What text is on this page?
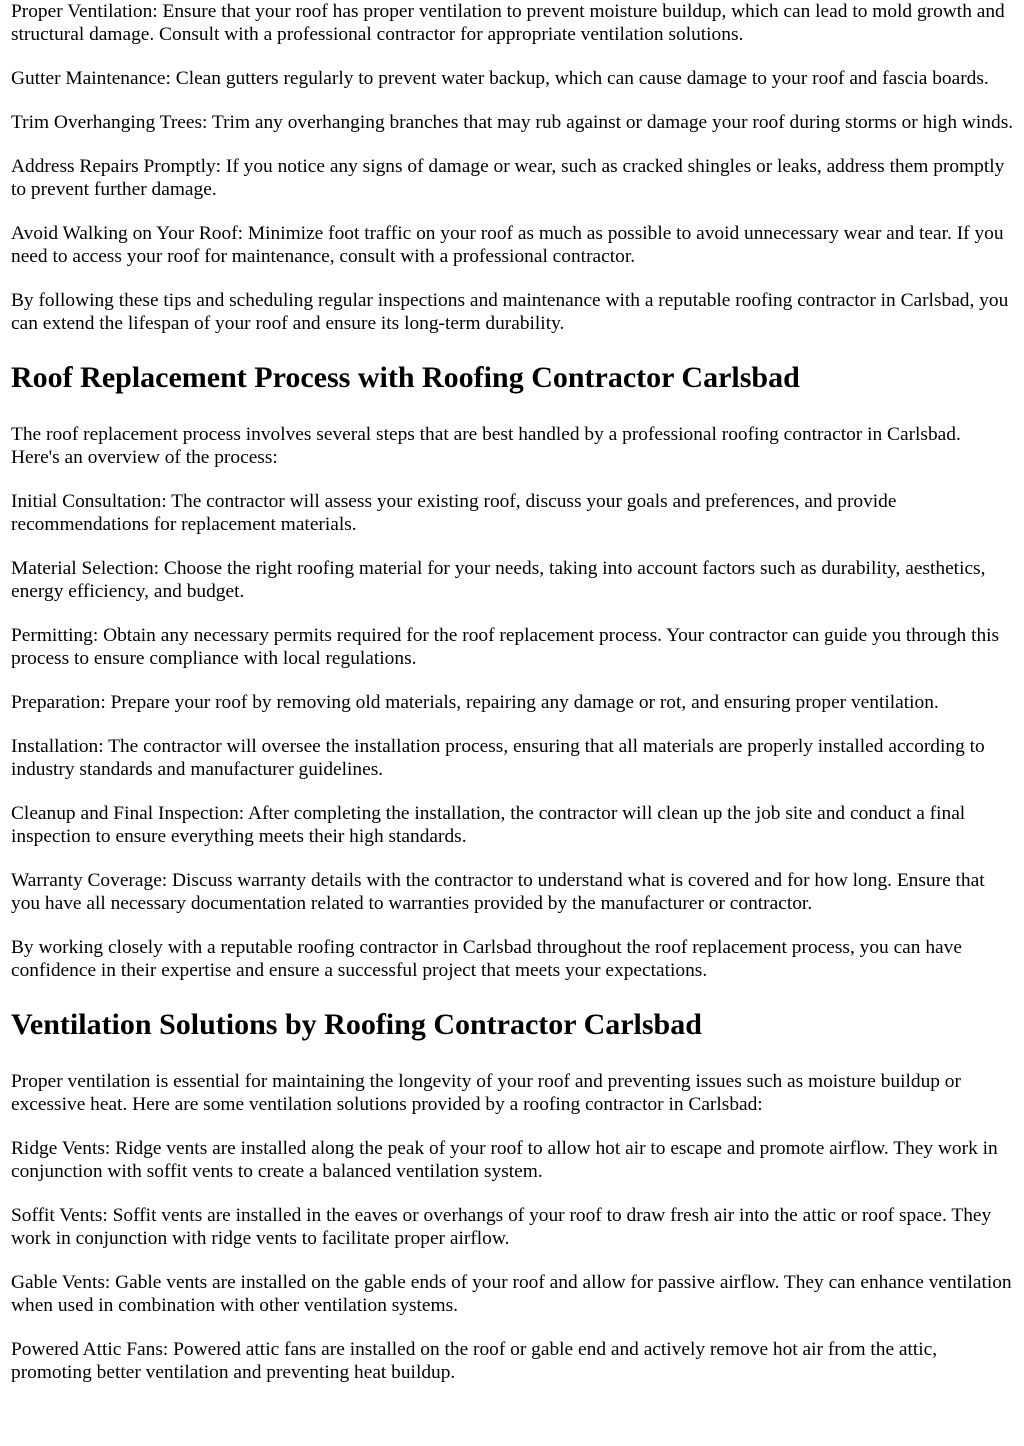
Proper Ventilation: Ensure that your roof has proper ventilation to prevent moisture buildup, which can lead to mold growth and structural damage. Consult with a professional contractor for appropriate ventilation solutions.

Gutter Maintenance: Clean gutters regularly to prevent water backup, which can cause damage to your roof and fascia boards.

Trim Overhanging Trees: Trim any overhanging branches that may rub against or damage your roof during storms or high winds.

Address Repairs Promptly: If you notice any signs of damage or wear, such as cracked shingles or leaks, address them promptly to prevent further damage.

Avoid Walking on Your Roof: Minimize foot traffic on your roof as much as possible to avoid unnecessary wear and tear. If you need to access your roof for maintenance, consult with a professional contractor.

By following these tips and scheduling regular inspections and maintenance with a reputable roofing contractor in Carlsbad, you can extend the lifespan of your roof and ensure its long-term durability.

Roof Replacement Process with Roofing Contractor Carlsbad

The roof replacement process involves several steps that are best handled by a professional roofing contractor in Carlsbad. Here's an overview of the process:

Initial Consultation: The contractor will assess your existing roof, discuss your goals and preferences, and provide recommendations for replacement materials.

Material Selection: Choose the right roofing material for your needs, taking into account factors such as durability, aesthetics, energy efficiency, and budget.

Permitting: Obtain any necessary permits required for the roof replacement process. Your contractor can guide you through this process to ensure compliance with local regulations.

Preparation: Prepare your roof by removing old materials, repairing any damage or rot, and ensuring proper ventilation.

Installation: The contractor will oversee the installation process, ensuring that all materials are properly installed according to industry standards and manufacturer guidelines.

Cleanup and Final Inspection: After completing the installation, the contractor will clean up the job site and conduct a final inspection to ensure everything meets their high standards.

Warranty Coverage: Discuss warranty details with the contractor to understand what is covered and for how long. Ensure that you have all necessary documentation related to warranties provided by the manufacturer or contractor.

By working closely with a reputable roofing contractor in Carlsbad throughout the roof replacement process, you can have confidence in their expertise and ensure a successful project that meets your expectations.

Ventilation Solutions by Roofing Contractor Carlsbad

Proper ventilation is essential for maintaining the longevity of your roof and preventing issues such as moisture buildup or excessive heat. Here are some ventilation solutions provided by a roofing contractor in Carlsbad:

Ridge Vents: Ridge vents are installed along the peak of your roof to allow hot air to escape and promote airflow. They work in conjunction with soffit vents to create a balanced ventilation system.

Soffit Vents: Soffit vents are installed in the eaves or overhangs of your roof to draw fresh air into the attic or roof space. They work in conjunction with ridge vents to facilitate proper airflow.

Gable Vents: Gable vents are installed on the gable ends of your roof and allow for passive airflow. They can enhance ventilation when used in combination with other ventilation systems.

Powered Attic Fans: Powered attic fans are installed on the roof or gable end and actively remove hot air from the attic, promoting better ventilation and preventing heat buildup.
